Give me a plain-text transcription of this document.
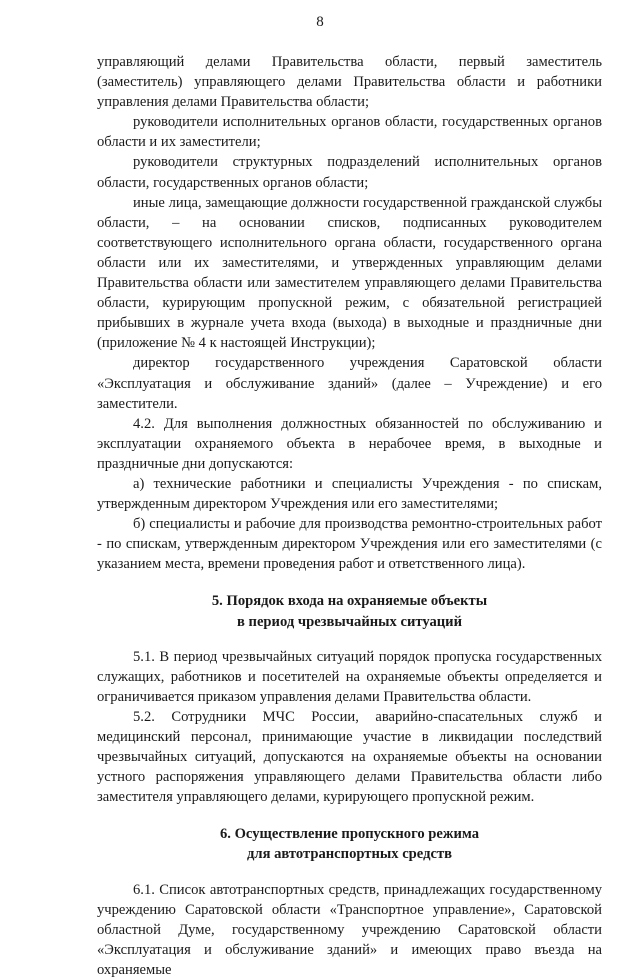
8

управляющий делами Правительства области, первый заместитель (заместитель) управляющего делами Правительства области и работники управления делами Правительства области;

руководители исполнительных органов области, государственных органов области и их заместители;

руководители структурных подразделений исполнительных органов области, государственных органов области;

иные лица, замещающие должности государственной гражданской службы области, – на основании списков, подписанных руководителем соответствующего исполнительного органа области, государственного органа области или их заместителями, и утвержденных управляющим делами Правительства области или заместителем управляющего делами Правительства области, курирующим пропускной режим, с обязательной регистрацией прибывших в журнале учета входа (выхода) в выходные и праздничные дни (приложение № 4 к настоящей Инструкции);

директор государственного учреждения Саратовской области «Эксплуатация и обслуживание зданий» (далее – Учреждение) и его заместители.

4.2. Для выполнения должностных обязанностей по обслуживанию и эксплуатации охраняемого объекта в нерабочее время, в выходные и праздничные дни допускаются:

а) технические работники и специалисты Учреждения - по спискам, утвержденным директором Учреждения или его заместителями;

б) специалисты и рабочие для производства ремонтно-строительных работ - по спискам, утвержденным директором Учреждения или его заместителями (с указанием места, времени проведения работ и ответственного лица).

5. Порядок входа на охраняемые объекты
в период чрезвычайных ситуаций

5.1. В период чрезвычайных ситуаций порядок пропуска государственных служащих, работников и посетителей на охраняемые объекты определяется и ограничивается приказом управления делами Правительства области.

5.2. Сотрудники МЧС России, аварийно-спасательных служб и медицинский персонал, принимающие участие в ликвидации последствий чрезвычайных ситуаций, допускаются на охраняемые объекты на основании устного распоряжения управляющего делами Правительства области либо заместителя управляющего делами, курирующего пропускной режим.

6. Осуществление пропускного режима
для автотранспортных средств

6.1. Список автотранспортных средств, принадлежащих государственному учреждению Саратовской области «Транспортное управление», Саратовской областной Думе, государственному учреждению Саратовской области «Эксплуатация и обслуживание зданий» и имеющих право въезда на охраняемые
